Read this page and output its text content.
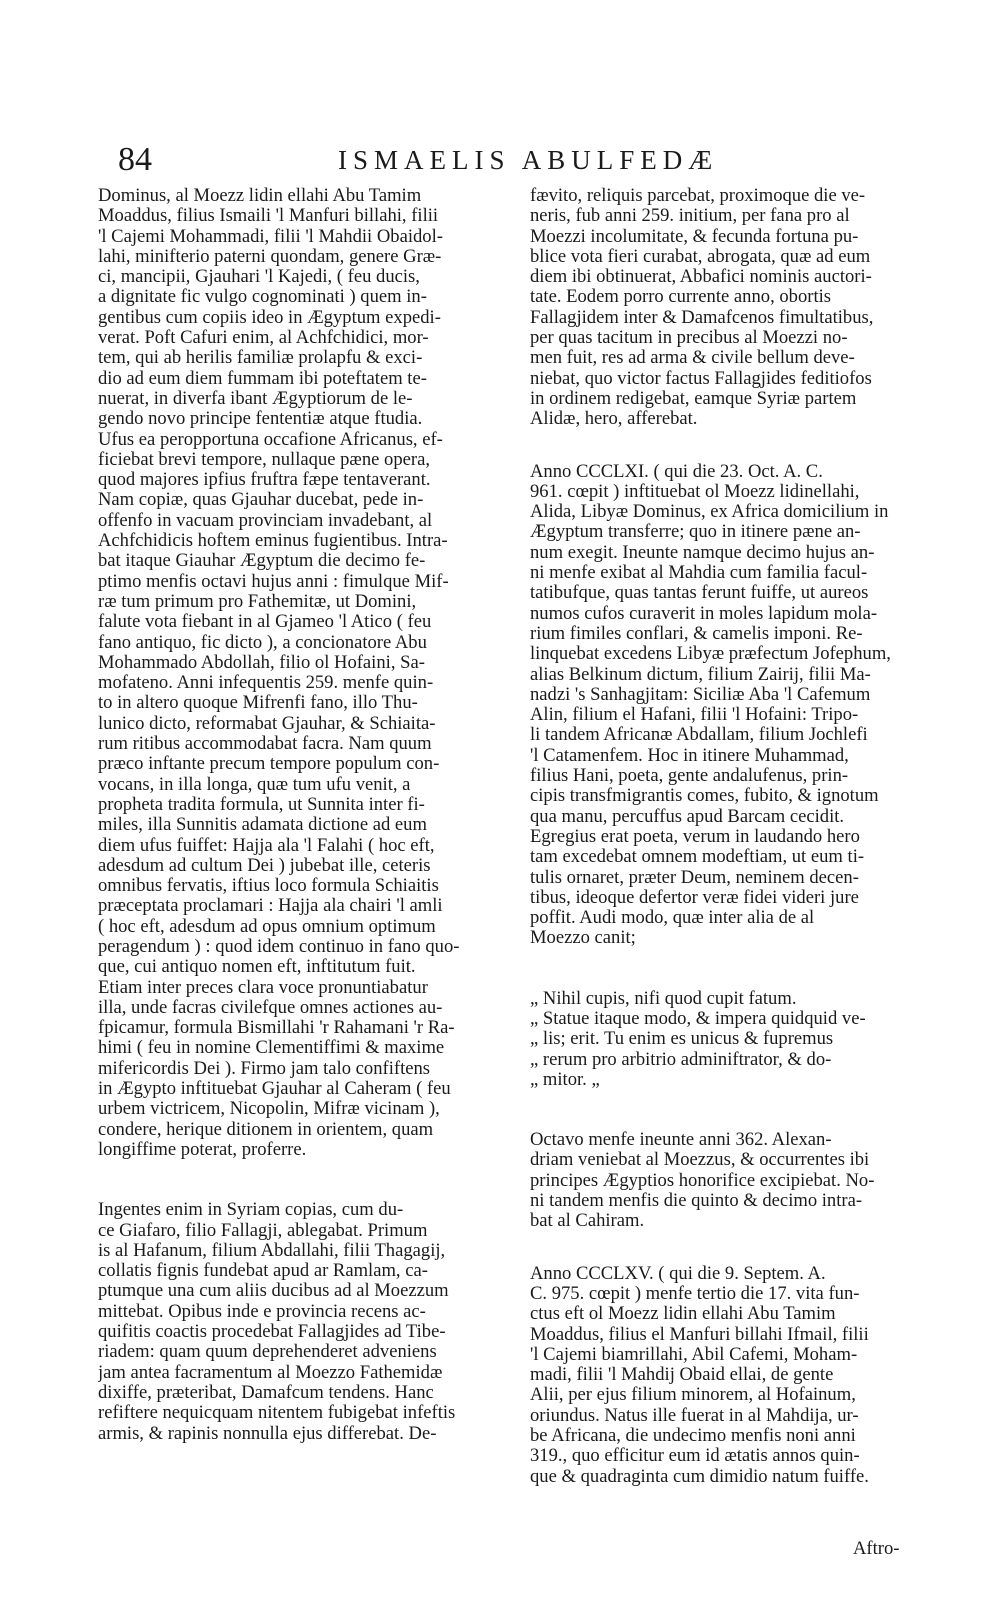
84	ISMAELIS ABULFEDÆ
Dominus, al Moezz lidin ellahi Abu Tamim
Moaddus, filius Ismaili 'l Manfuri billahi, filii
'l Cajemi Mohammadi, filii 'l Mahdii Obaidol-
lahi, minifterio paterni quondam, genere Græ-
ci, mancipii, Gjauhari 'l Kajedi, ( feu ducis,
a dignitate fic vulgo cognominati ) quem in-
gentibus cum copiis ideo in Ægyptum expedi-
verat. Poft Cafuri enim, al Achfchidici, mor-
tem, qui ab herilis familiæ prolapfu & exci-
dio ad eum diem fummam ibi poteftatem te-
nuerat, in diverfa ibant Ægyptiorum de le-
gendo novo principe fententiæ atque ftudia.
Ufus ea peropportuna occafione Africanus, ef-
ficiebat brevi tempore, nullaque pæne opera,
quod majores ipfius fruftra fæpe tentaverant.
Nam copiæ, quas Gjauhar ducebat, pede in-
offenfo in vacuam provinciam invadebant, al
Achfchidicis hoftem eminus fugientibus. Intra-
bat itaque Giauhar Ægyptum die decimo fe-
ptimo menfis octavi hujus anni : fimulque Mif-
ræ tum primum pro Fathemitæ, ut Domini,
falute vota fiebant in al Gjameo 'l Atico ( feu
fano antiquo, fic dicto ), a concionatore Abu
Mohammado Abdollah, filio ol Hofaini, Sa-
mofateno. Anni infequentis 259. menfe quin-
to in altero quoque Mifrenfi fano, illo Thu-
lunico dicto, reformabat Gjauhar, & Schiaita-
rum ritibus accommodabat facra. Nam quum
præco inftante precum tempore populum con-
vocans, in illa longa, quæ tum ufu venit, a
propheta tradita formula, ut Sunnita inter fi-
miles, illa Sunnitis adamata dictione ad eum
diem ufus fuiffet: Hajja ala 'l Falahi ( hoc eft,
adesdum ad cultum Dei ) jubebat ille, ceteris
omnibus fervatis, iftius loco formula Schiaitis
præceptata proclamari : Hajja ala chairi 'l amli
( hoc eft, adesdum ad opus omnium optimum
peragendum ) : quod idem continuo in fano quo-
que, cui antiquo nomen eft, inftitutum fuit.
Etiam inter preces clara voce pronuntiabatur
illa, unde facras civilefque omnes actiones au-
fpicamur, formula Bismillahi 'r Rahamani 'r Ra-
himi ( feu in nomine Clementiffimi & maxime
mifericordis Dei ). Firmo jam talo confiftens
in Ægypto inftituebat Gjauhar al Caheram ( feu
urbem victricem, Nicopolin, Mifræ vicinam ),
condere, herique ditionem in orientem, quam
longiffime poterat, proferre.
Ingentes enim in Syriam copias, cum du-
ce Giafaro, filio Fallagji, ablegabat. Primum
is al Hafanum, filium Abdallahi, filii Thagagij,
collatis fignis fundebat apud ar Ramlam, ca-
ptumque una cum aliis ducibus ad al Moezzum
mittebat. Opibus inde e provincia recens ac-
quifitis coactis procedebat Fallagjides ad Tibe-
riadem: quam quum deprehenderet adveniens
jam antea facramentum al Moezzo Fathemidæ
dixiffe, præteribat, Damafcum tendens. Hanc
refiftere nequicquam nitentem fubigebat infeftis
armis, & rapinis nonnulla ejus differebat. De-
fævito, reliquis parcebat, proximoque die ve-
neris, fub anni 259. initium, per fana pro al
Moezzi incolumitate, & fecunda fortuna pu-
blice vota fieri curabat, abrogata, quæ ad eum
diem ibi obtinuerat, Abbafici nominis auctori-
tate. Eodem porro currente anno, obortis
Fallagjidem inter & Damafcenos fimultatibus,
per quas tacitum in precibus al Moezzi no-
men fuit, res ad arma & civile bellum deve-
niebat, quo victor factus Fallagjides feditiofos
in ordinem redigebat, eamque Syriæ partem
Alidæ, hero, afferebat.
Anno CCCLXI. ( qui die 23. Oct. A. C.
961. cœpit ) inftituebat ol Moezz lidinellahi,
Alida, Libyæ Dominus, ex Africa domicilium in
Ægyptum transferre; quo in itinere pæne an-
num exegit. Ineunte namque decimo hujus an-
ni menfe exibat al Mahdia cum familia facul-
tatibufque, quas tantas ferunt fuiffe, ut aureos
numos cufos curaverit in moles lapidum mola-
rium fimiles conflari, & camelis imponi. Re-
linquebat excedens Libyæ præfectum Jofephum,
alias Belkinum dictum, filium Zairij, filii Ma-
nadzi 's Sanhagjitam: Siciliæ Aba 'l Cafemum
Alin, filium el Hafani, filii 'l Hofaini: Tripo-
li tandem Africanæ Abdallam, filium Jochlefi
'l Catamenfem. Hoc in itinere Muhammad,
filius Hani, poeta, gente andalufenus, prin-
cipis transfmigrantis comes, fubito, & ignotum
qua manu, percuffus apud Barcam cecidit.
Egregius erat poeta, verum in laudando hero
tam excedebat omnem modeftiam, ut eum ti-
tulis ornaret, præter Deum, neminem decen-
tibus, ideoque defertor veræ fidei videri jure
poffit. Audi modo, quæ inter alia de al
Moezzo canit;
„ Nihil cupis, nifi quod cupit fatum.
„ Statue itaque modo, & impera quidquid ve-
„ lis; erit. Tu enim es unicus & fupremus
„ rerum pro arbitrio adminiftrator, & do-
„ mitor. „
Octavo menfe ineunte anni 362. Alexan-
driam veniebat al Moezzus, & occurrentes ibi
principes Ægyptios honorifice excipiebat. No-
ni tandem menfis die quinto & decimo intra-
bat al Cahiram.
Anno CCCLXV. ( qui die 9. Septem. A.
C. 975. cœpit ) menfe tertio die 17. vita fun-
ctus eft ol Moezz lidin ellahi Abu Tamim
Moaddus, filius el Manfuri billahi Ifmail, filii
'l Cajemi biamrillahi, Abil Cafemi, Moham-
madi, filii 'l Mahdij Obaid ellai, de gente
Alii, per ejus filium minorem, al Hofainum,
oriundus. Natus ille fuerat in al Mahdija, ur-
be Africana, die undecimo menfis noni anni
319., quo efficitur eum id ætatis annos quin-
que & quadraginta cum dimidio natum fuiffe.
Aftro-
